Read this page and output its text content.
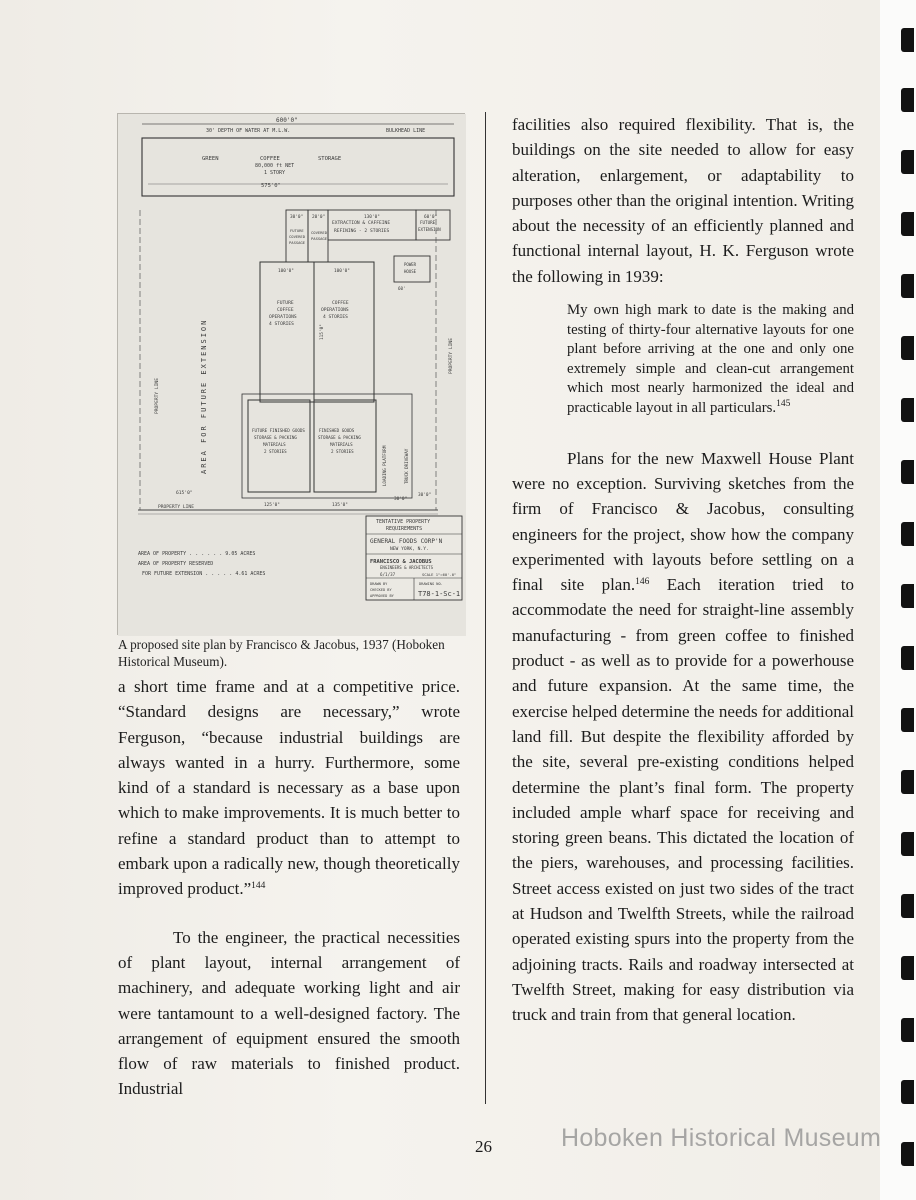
600'0"
30' DEPTH OF WATER AT M.L.W.	BULKHEAD LINE
GREEN	COFFEE	STORAGE
80,000 ft NET
1 STORY
575'0"
FUTURE
COVERED
PASSAGE
COVERED
PASSAGE
EXTRACTION & CAFFEINE
REFINING - 2 STORIES
FUTURE
EXTENSION
30'0" 20'0"	130'0"	60'0"
POWER
HOUSE
60'
100'0"	100'0"
FUTURE
COFFEE
OPERATIONS
4 STORIES
COFFEE
OPERATIONS
4 STORIES
115'0"
AREA FOR FUTURE EXTENSION
PROPERTY LINE
PROPERTY LINE
FUTURE FINISHED GOODS
STORAGE & PACKING
MATERIALS
2 STORIES
FINISHED GOODS
STORAGE & PACKING
MATERIALS
2 STORIES	LOADING PLATFORM	TRUCK DRIVEWAY
125'0"	135'0"
30'0"
30'0"
615'0"
PROPERTY LINE
AREA OF PROPERTY . . . . . . 9.05 ACRES
AREA OF PROPERTY RESERVED
FOR FUTURE EXTENSION . . . . . 4.61 ACRES
TENTATIVE PROPERTY
REQUIREMENTS
GENERAL FOODS CORP'N
NEW YORK, N.Y.
FRANCISCO & JACOBUS
ENGINEERS & ARCHITECTS
6/1/37	SCALE 1"=60'-0"
DRAWN BY
CHECKED BY
APPROVED BY
DRAWING NO.
T78-1-Sc-1
A proposed site plan by Francisco & Jacobus, 1937 (Hoboken Historical Museum).

a short time frame and at a competitive price. “Standard designs are necessary,” wrote Ferguson, “because industrial buildings are always wanted in a hurry. Furthermore, some kind of a standard is necessary as a base upon which to make improvements. It is much better to refine a standard product than to attempt to embark upon a radically new, though theoretically improved product.”$^{144}$

To the engineer, the practical necessities of plant layout, internal arrangement of machinery, and adequate working light and air were tantamount to a well-designed factory. The arrangement of equipment ensured the smooth flow of raw materials to finished product. Industrial

facilities also required flexibility. That is, the buildings on the site needed to allow for easy alteration, enlargement, or adaptability to purposes other than the original intention. Writing about the necessity of an efficiently planned and functional internal layout, H. K. Ferguson wrote the following in 1939:

My own high mark to date is the making and testing of thirty-four alternative layouts for one plant before arriving at the one and only one extremely simple and clean-cut arrangement which most nearly harmonized the ideal and practicable layout in all particulars.$^{145}$

Plans for the new Maxwell House Plant were no exception. Surviving sketches from the firm of Francisco & Jacobus, consulting engineers for the project, show how the company experimented with layouts before settling on a final site plan.$^{146}$ Each iteration tried to accommodate the need for straight-line assembly manufacturing - from green coffee to finished product - as well as to provide for a powerhouse and future expansion. At the same time, the exercise helped determine the needs for additional land fill. But despite the flexibility afforded by the site, several pre-existing conditions helped determine the plant’s final form. The property included ample wharf space for receiving and storing green beans. This dictated the location of the piers, warehouses, and processing facilities. Street access existed on just two sides of the tract at Hudson and Twelfth Streets, while the railroad operated existing spurs into the property from the adjoining tracts. Rails and roadway intersected at Twelfth Street, making for easy distribution via truck and train from that general location.

26	Hoboken Historical Museum
